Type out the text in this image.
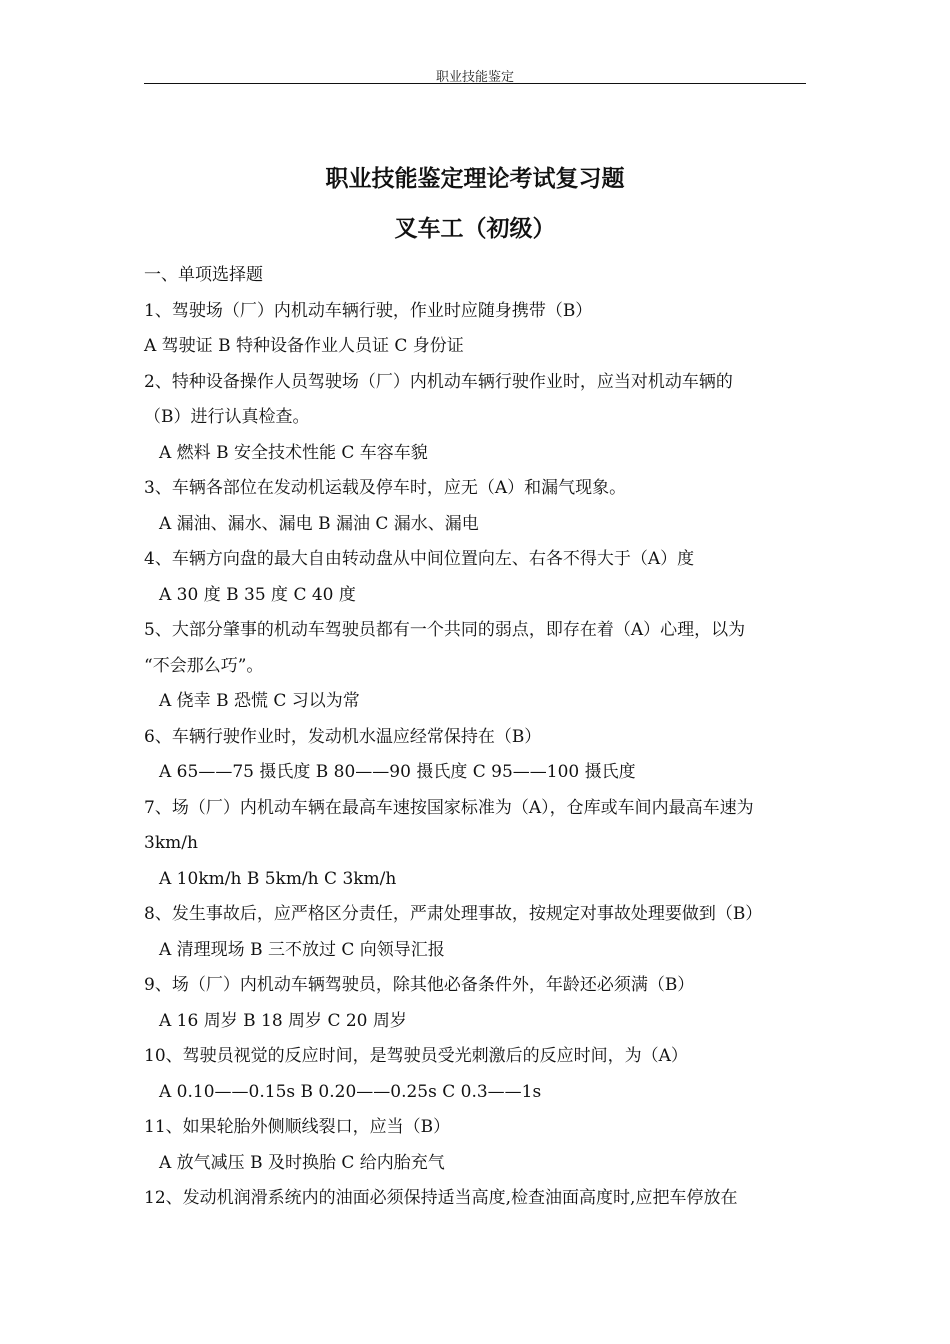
职业技能鉴定
职业技能鉴定理论考试复习题
叉车工（初级）
一、单项选择题
1、驾驶场（厂）内机动车辆行驶，作业时应随身携带（B）
A 驾驶证 B 特种设备作业人员证 C 身份证
2、特种设备操作人员驾驶场（厂）内机动车辆行驶作业时，应当对机动车辆的
（B）进行认真检查。
A 燃料 B 安全技术性能 C 车容车貌
3、车辆各部位在发动机运载及停车时，应无（A）和漏气现象。
A 漏油、漏水、漏电 B 漏油 C 漏水、漏电
4、车辆方向盘的最大自由转动盘从中间位置向左、右各不得大于（A）度
A 30 度 B 35 度 C 40 度
5、大部分肇事的机动车驾驶员都有一个共同的弱点，即存在着（A）心理，以为
“不会那么巧”。
A 侥幸 B 恐慌 C 习以为常
6、车辆行驶作业时，发动机水温应经常保持在（B）
A 65——75 摄氏度 B 80——90 摄氏度 C 95——100 摄氏度
7、场（厂）内机动车辆在最高车速按国家标准为（A），仓库或车间内最高车速为
3km/h
A 10km/h B 5km/h C 3km/h
8、发生事故后，应严格区分责任，严肃处理事故，按规定对事故处理要做到（B）
A 清理现场 B 三不放过 C 向领导汇报
9、场（厂）内机动车辆驾驶员，除其他必备条件外，年龄还必须满（B）
A 16 周岁 B 18 周岁 C 20 周岁
10、驾驶员视觉的反应时间，是驾驶员受光刺激后的反应时间，为（A）
A 0.10——0.15s B 0.20——0.25s C 0.3——1s
11、如果轮胎外侧顺线裂口，应当（B）
A 放气减压 B 及时换胎 C 给内胎充气
12、发动机润滑系统内的油面必须保持适当高度,检查油面高度时,应把车停放在
